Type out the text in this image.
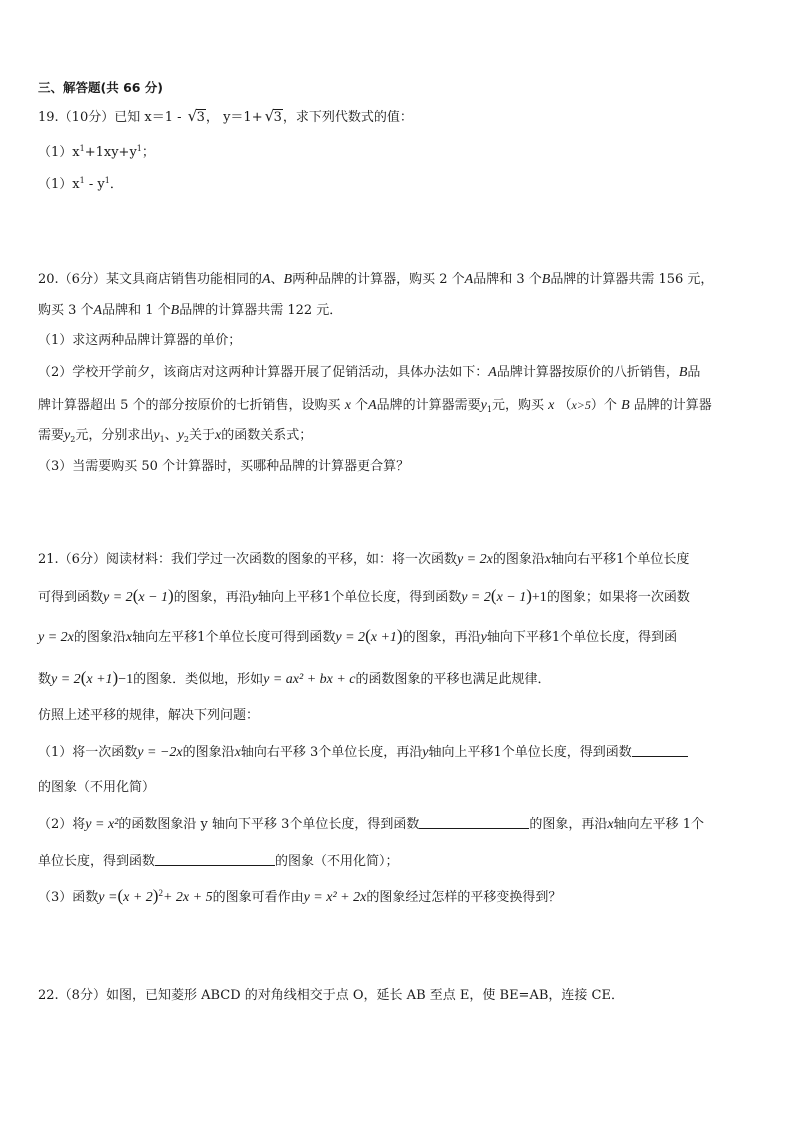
三、解答题(共 66 分)
19.（10分）已知 x＝1 - √ 3， y＝1+ √ 3，求下列代数式的值：
$(1)x^1+1xy+y^1$；
$(1)x^1 - y^1$．
20.（6分）某文具商店销售功能相同的A、B两种品牌的计算器，购买 2 个A品牌和 3 个B品牌的计算器共需 156 元，
购买 3 个A品牌和 1 个B品牌的计算器共需 122 元．
（1）求这两种品牌计算器的单价；
（2）学校开学前夕，该商店对这两种计算器开展了促销活动，具体办法如下：A品牌计算器按原价的八折销售，B品
牌计算器超出 5 个的部分按原价的七折销售，设购买 x 个A品牌的计算器需要$y_1$元，购买 x （x>5）个 B 品牌的计算器
需要$y_2$元，分别求出$y_1$、$y_2$关于x的函数关系式；
（3）当需要购买 50 个计算器时，买哪种品牌的计算器更合算？
21.（6分）阅读材料：我们学过一次函数的图象的平移，如：将一次函数y = 2x的图象沿x轴向右平移1个单位长度
可得到函数y = 2(x − 1)的图象，再沿y轴向上平移1个单位长度，得到函数y = 2(x − 1)+1的图象；如果将一次函数
y = 2x的图象沿x轴向左平移1个单位长度可得到函数y = 2(x +1)的图象，再沿y轴向下平移1个单位长度，得到函
数y = 2(x +1)−1的图象．类似地，形如y = ax² + bx + c的函数图象的平移也满足此规律．
仿照上述平移的规律，解决下列问题：
（1）将一次函数y = −2x的图象沿x轴向右平移 3个单位长度，再沿y轴向上平移1个单位长度，得到函数
的图象（不用化简）
（2）将y = x²的函数图象沿 y 轴向下平移 3个单位长度，得到函数	的图象，再沿x轴向左平移 1个
单位长度，得到函数	的图象（不用化简）；
（3）函数$y =(x + 2)^2+ 2x + 5$的图象可看作由y = x² + 2x的图象经过怎样的平移变换得到？
22.（8分）如图，已知菱形 ABCD 的对角线相交于点 O，延长 AB 至点 E，使 BE=AB，连接 CE．
